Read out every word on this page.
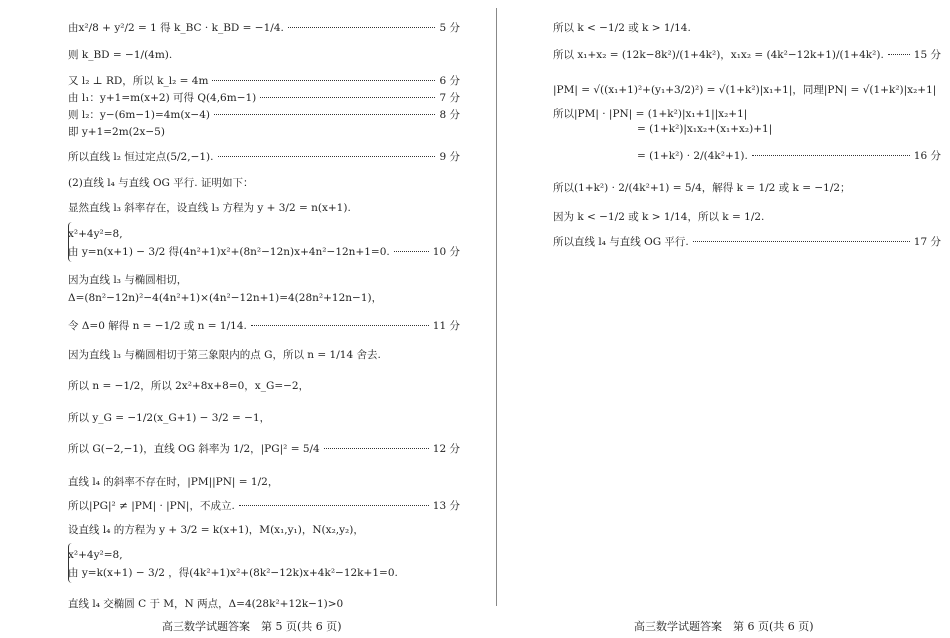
由x²/8 + y²/2 = 1 得 k_BC · k_BD = −1/4.	5 分
则 k_BD = −1/(4m).
又 l₂ ⊥ RD，所以 k_l₂ = 4m	6 分
由 l₁：y+1=m(x+2) 可得 Q(4,6m−1)	7 分
则 l₂：y−(6m−1)=4m(x−4)	8 分
即 y+1=2m(2x−5)
所以直线 l₂ 恒过定点(5/2,−1).	9 分
(2)直线 l₄ 与直线 OG 平行. 证明如下：
显然直线 l₃ 斜率存在，设直线 l₃ 方程为 y + 3/2 = n(x+1).
x²+4y²=8,
由 y=n(x+1) − 3/2 得(4n²+1)x²+(8n²−12n)x+4n²−12n+1=0.	10 分
因为直线 l₃ 与椭圆相切，
Δ=(8n²−12n)²−4(4n²+1)×(4n²−12n+1)=4(28n²+12n−1)，
令 Δ=0 解得 n = −1/2 或 n = 1/14.	11 分
因为直线 l₃ 与椭圆相切于第三象限内的点 G，所以 n = 1/14 舍去.
所以 n = −1/2，所以 2x²+8x+8=0，x_G=−2，
所以 y_G = −1/2(x_G+1) − 3/2 = −1，
所以 G(−2,−1)，直线 OG 斜率为 1/2，|PG|² = 5/4	12 分
直线 l₄ 的斜率不存在时，|PM||PN| = 1/2，
所以|PG|² ≠ |PM| · |PN|，不成立.	13 分
设直线 l₄ 的方程为 y + 3/2 = k(x+1)，M(x₁,y₁)，N(x₂,y₂)，
x²+4y²=8,
由 y=k(x+1) − 3/2 ，得(4k²+1)x²+(8k²−12k)x+4k²−12k+1=0.
直线 l₄ 交椭圆 C 于 M，N 两点，Δ=4(28k²+12k−1)>0
所以 k < −1/2 或 k > 1/14.
所以 x₁+x₂ = (12k−8k²)/(1+4k²)，x₁x₂ = (4k²−12k+1)/(1+4k²).	15 分
|PM| = √((x₁+1)²+(y₁+3/2)²) = √(1+k²)|x₁+1|，同理|PN| = √(1+k²)|x₂+1|
所以|PM| · |PN| = (1+k²)|x₁+1||x₂+1|
= (1+k²)|x₁x₂+(x₁+x₂)+1|
= (1+k²) · 2/(4k²+1).	16 分
所以(1+k²) · 2/(4k²+1) = 5/4，解得 k = 1/2 或 k = −1/2；
因为 k < −1/2 或 k > 1/14，所以 k = 1/2.
所以直线 l₄ 与直线 OG 平行.	17 分
高三数学试题答案　第 5 页(共 6 页)	高三数学试题答案　第 6 页(共 6 页)
